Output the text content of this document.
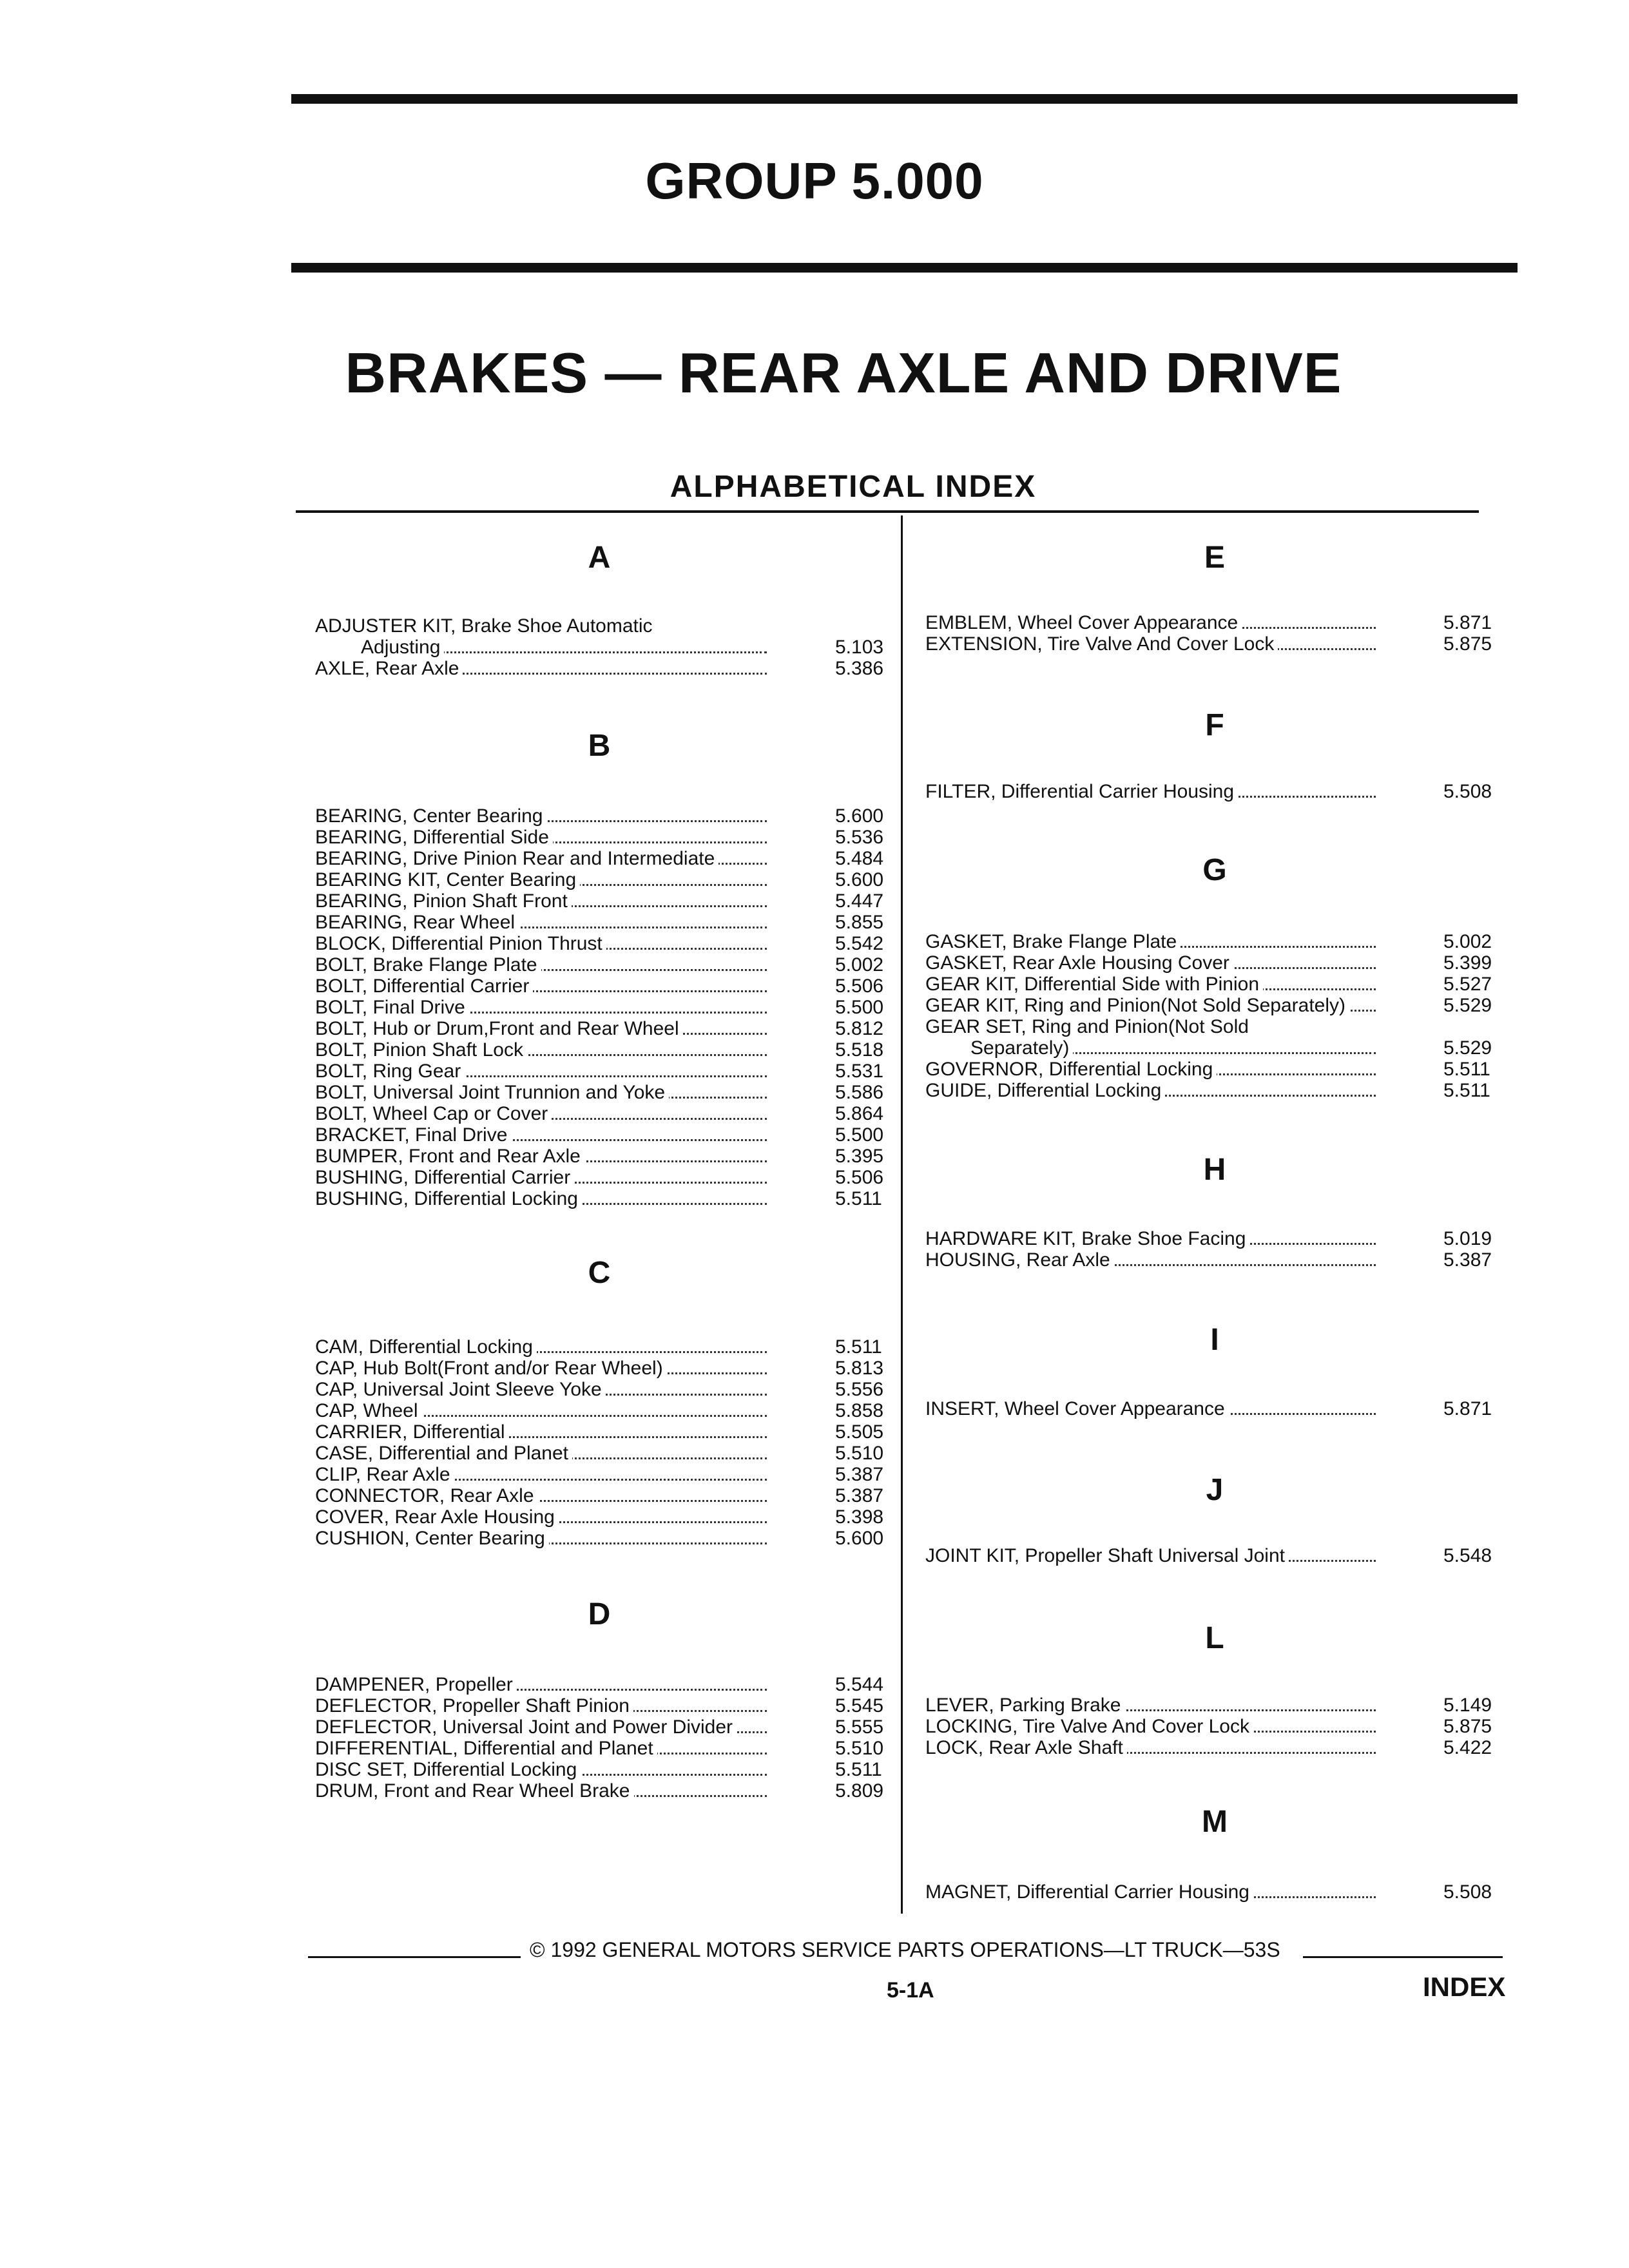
GROUP 5.000
BRAKES — REAR AXLE AND DRIVE
ALPHABETICAL INDEX
A
ADJUSTER KIT, Brake Shoe Automatic
Adjusting	5.103
AXLE, Rear Axle	5.386
B
BEARING, Center Bearing	5.600
BEARING, Differential Side	5.536
BEARING, Drive Pinion Rear and Intermediate	5.484
BEARING KIT, Center Bearing	5.600
BEARING, Pinion Shaft Front	5.447
BEARING, Rear Wheel	5.855
BLOCK, Differential Pinion Thrust	5.542
BOLT, Brake Flange Plate	5.002
BOLT, Differential Carrier	5.506
BOLT, Final Drive	5.500
BOLT, Hub or Drum,Front and Rear Wheel	5.812
BOLT, Pinion Shaft Lock	5.518
BOLT, Ring Gear	5.531
BOLT, Universal Joint Trunnion and Yoke	5.586
BOLT, Wheel Cap or Cover	5.864
BRACKET, Final Drive	5.500
BUMPER, Front and Rear Axle	5.395
BUSHING, Differential Carrier	5.506
BUSHING, Differential Locking	5.511
C
CAM, Differential Locking	5.511
CAP, Hub Bolt(Front and/or Rear Wheel)	5.813
CAP, Universal Joint Sleeve Yoke	5.556
CAP, Wheel	5.858
CARRIER, Differential	5.505
CASE, Differential and Planet	5.510
CLIP, Rear Axle	5.387
CONNECTOR, Rear Axle	5.387
COVER, Rear Axle Housing	5.398
CUSHION, Center Bearing	5.600
D
DAMPENER, Propeller	5.544
DEFLECTOR, Propeller Shaft Pinion	5.545
DEFLECTOR, Universal Joint and Power Divider	5.555
DIFFERENTIAL, Differential and Planet	5.510
DISC SET, Differential Locking	5.511
DRUM, Front and Rear Wheel Brake	5.809
E
EMBLEM, Wheel Cover Appearance	5.871
EXTENSION, Tire Valve And Cover Lock	5.875
F
FILTER, Differential Carrier Housing	5.508
G
GASKET, Brake Flange Plate	5.002
GASKET, Rear Axle Housing Cover	5.399
GEAR KIT, Differential Side with Pinion	5.527
GEAR KIT, Ring and Pinion(Not Sold Separately)	5.529
GEAR SET, Ring and Pinion(Not Sold
Separately)	5.529
GOVERNOR, Differential Locking	5.511
GUIDE, Differential Locking	5.511
H
HARDWARE KIT, Brake Shoe Facing	5.019
HOUSING, Rear Axle	5.387
I
INSERT, Wheel Cover Appearance	5.871
J
JOINT KIT, Propeller Shaft Universal Joint	5.548
L
LEVER, Parking Brake	5.149
LOCKING, Tire Valve And Cover Lock	5.875
LOCK, Rear Axle Shaft	5.422
M
MAGNET, Differential Carrier Housing	5.508
© 1992 GENERAL MOTORS SERVICE PARTS OPERATIONS—LT TRUCK—53S
5-1A	INDEX
